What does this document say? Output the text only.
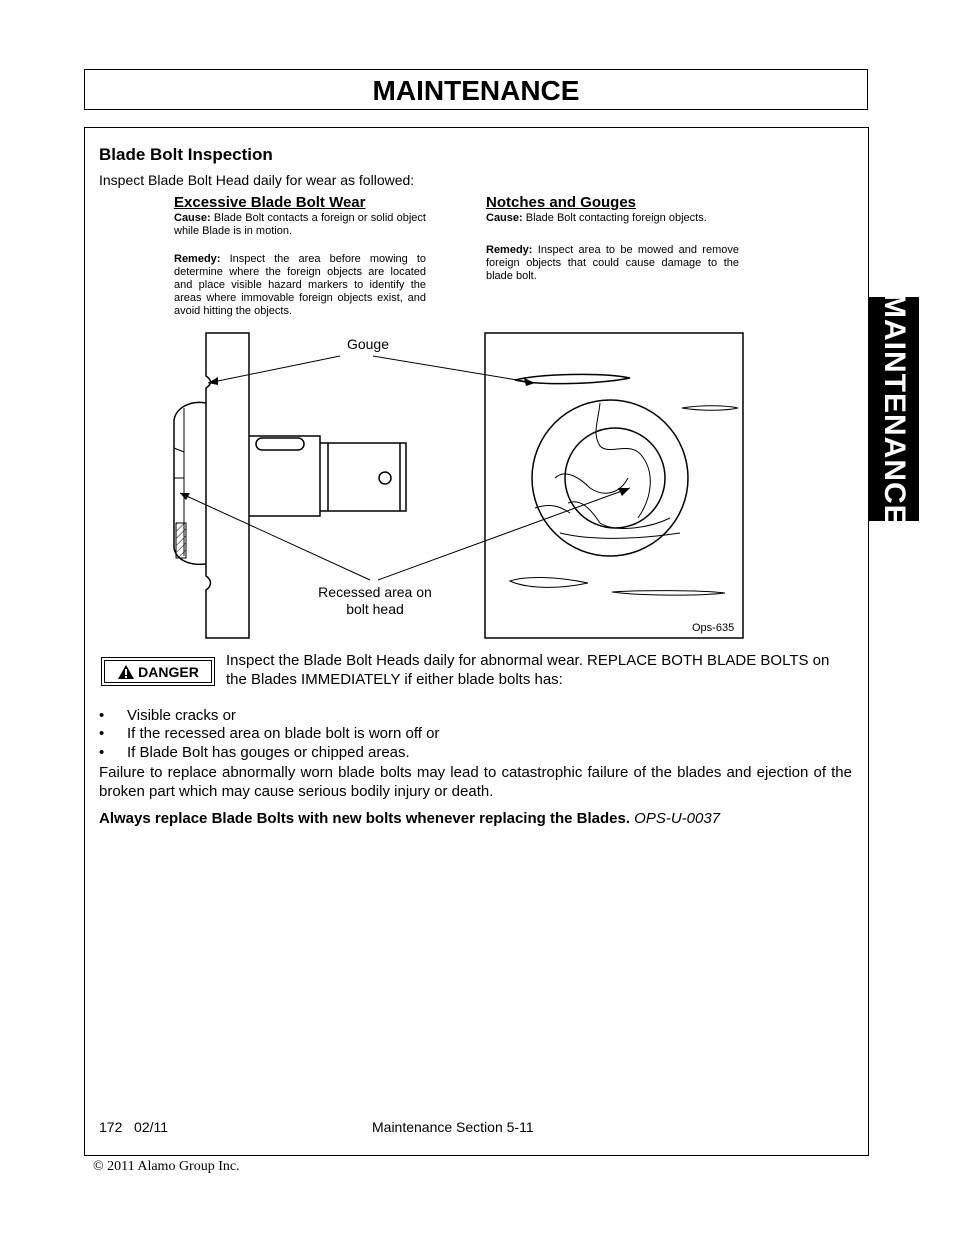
MAINTENANCE
MAINTENANCE
Blade Bolt Inspection
Inspect Blade Bolt Head daily for wear as followed:
Excessive Blade Bolt Wear
Cause: Blade Bolt contacts a foreign or solid object while Blade is in motion.
Remedy: Inspect the area before mowing to determine where the foreign objects are located and place visible hazard markers to identify the areas where immovable foreign objects exist, and avoid hitting the objects.
Notches and Gouges
Cause: Blade Bolt contacting foreign objects.
Remedy: Inspect area to be mowed and remove foreign objects that could cause damage to the blade bolt.
Gouge
Recessed area on
bolt head
Ops-635
DANGER
Inspect the Blade Bolt Heads daily for abnormal wear. REPLACE BOTH BLADE BOLTS on the Blades IMMEDIATELY if either blade bolts has:
• Visible cracks or
• If the recessed area on blade bolt is worn off or
• If Blade Bolt has gouges or chipped areas.
Failure to replace abnormally worn blade bolts may lead to catastrophic failure of the blades and ejection of the broken part which may cause serious bodily injury or death.
Always replace Blade Bolts with new bolts whenever replacing the Blades. OPS-U-0037
172 02/11	Maintenance Section 5-11
© 2011 Alamo Group Inc.
